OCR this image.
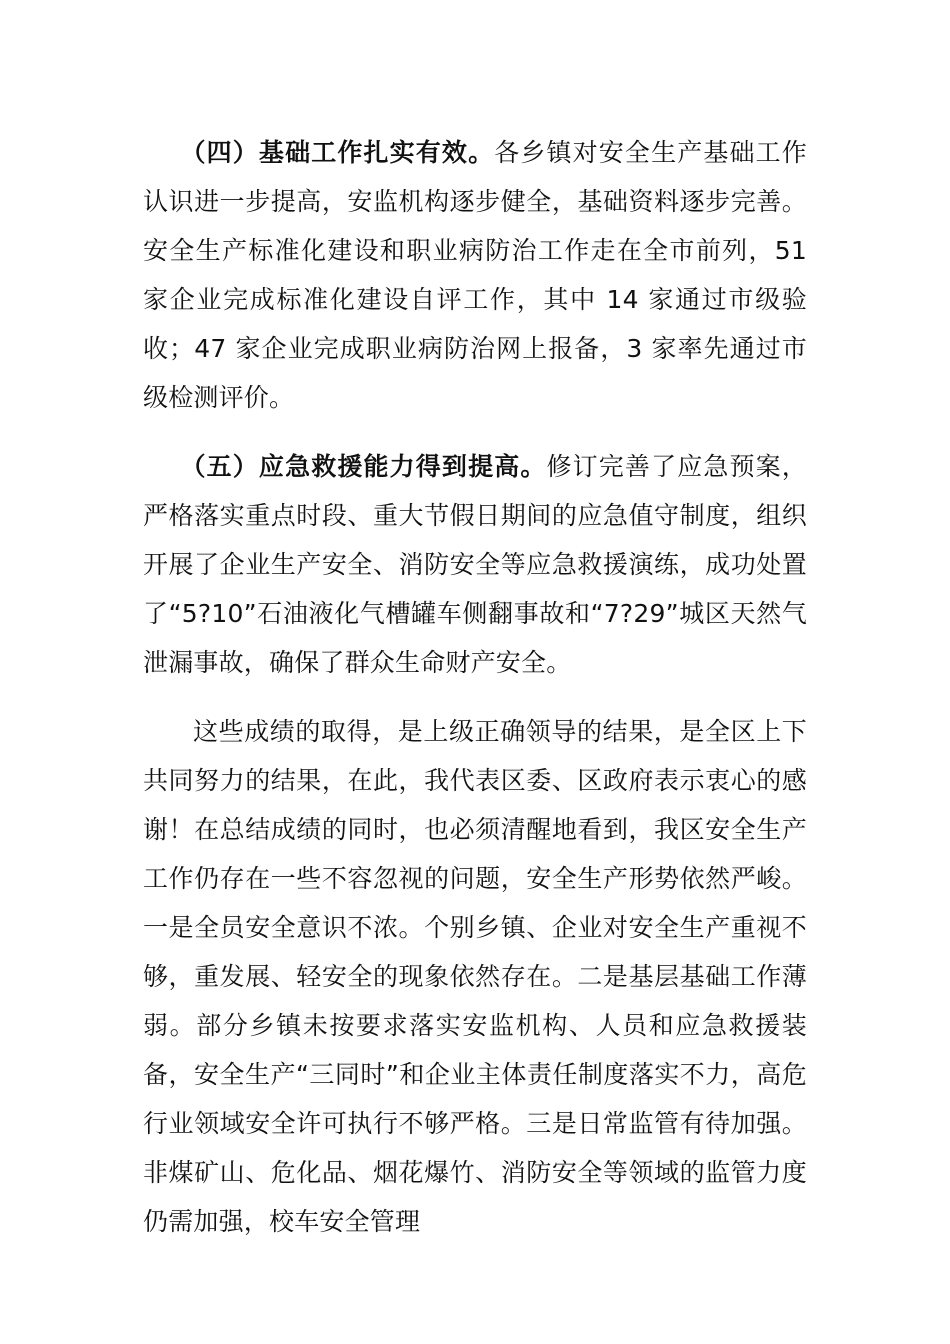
（四）基础工作扎实有效。各乡镇对安全生产基础工作认识进一步提高，安监机构逐步健全，基础资料逐步完善。安全生产标准化建设和职业病防治工作走在全市前列，51 家企业完成标准化建设自评工作，其中 14 家通过市级验收；47 家企业完成职业病防治网上报备，3 家率先通过市级检测评价。

（五）应急救援能力得到提高。修订完善了应急预案，严格落实重点时段、重大节假日期间的应急值守制度，组织开展了企业生产安全、消防安全等应急救援演练，成功处置了“5?10”石油液化气槽罐车侧翻事故和“7?29”城区天然气泄漏事故，确保了群众生命财产安全。

这些成绩的取得，是上级正确领导的结果，是全区上下共同努力的结果，在此，我代表区委、区政府表示衷心的感谢！在总结成绩的同时，也必须清醒地看到，我区安全生产工作仍存在一些不容忽视的问题，安全生产形势依然严峻。一是全员安全意识不浓。个别乡镇、企业对安全生产重视不够，重发展、轻安全的现象依然存在。二是基层基础工作薄弱。部分乡镇未按要求落实安监机构、人员和应急救援装备，安全生产“三同时”和企业主体责任制度落实不力，高危行业领域安全许可执行不够严格。三是日常监管有待加强。非煤矿山、危化品、烟花爆竹、消防安全等领域的监管力度仍需加强，校车安全管理
